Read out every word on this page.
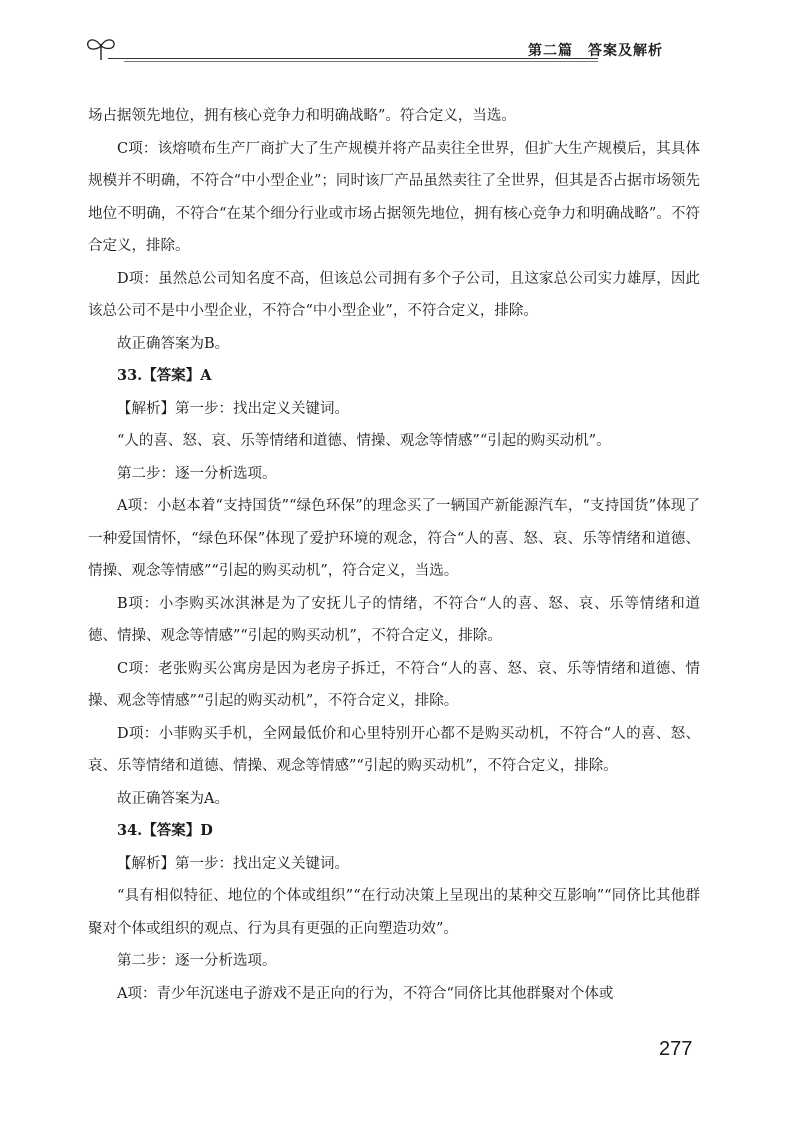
第二篇　答案及解析

场占据领先地位，拥有核心竞争力和明确战略”。符合定义，当选。

C项：该熔喷布生产厂商扩大了生产规模并将产品卖往全世界，但扩大生产规模后，其具体规模并不明确，不符合“中小型企业”；同时该厂产品虽然卖往了全世界，但其是否占据市场领先地位不明确，不符合“在某个细分行业或市场占据领先地位，拥有核心竞争力和明确战略”。不符合定义，排除。

D项：虽然总公司知名度不高，但该总公司拥有多个子公司，且这家总公司实力雄厚，因此该总公司不是中小型企业，不符合“中小型企业”，不符合定义，排除。

故正确答案为B。

33.【答案】A

【解析】第一步：找出定义关键词。

“人的喜、怒、哀、乐等情绪和道德、情操、观念等情感”“引起的购买动机”。

第二步：逐一分析选项。

A项：小赵本着“支持国货”“绿色环保”的理念买了一辆国产新能源汽车，“支持国货”体现了一种爱国情怀，“绿色环保”体现了爱护环境的观念，符合“人的喜、怒、哀、乐等情绪和道德、情操、观念等情感”“引起的购买动机”，符合定义，当选。

B项：小李购买冰淇淋是为了安抚儿子的情绪，不符合“人的喜、怒、哀、乐等情绪和道德、情操、观念等情感”“引起的购买动机”，不符合定义，排除。

C项：老张购买公寓房是因为老房子拆迁，不符合“人的喜、怒、哀、乐等情绪和道德、情操、观念等情感”“引起的购买动机”，不符合定义，排除。

D项：小菲购买手机，全网最低价和心里特别开心都不是购买动机，不符合“人的喜、怒、哀、乐等情绪和道德、情操、观念等情感”“引起的购买动机”，不符合定义，排除。

故正确答案为A。

34.【答案】D

【解析】第一步：找出定义关键词。

“具有相似特征、地位的个体或组织”“在行动决策上呈现出的某种交互影响”“同侪比其他群聚对个体或组织的观点、行为具有更强的正向塑造功效”。

第二步：逐一分析选项。

A项：青少年沉迷电子游戏不是正向的行为，不符合“同侪比其他群聚对个体或

277
